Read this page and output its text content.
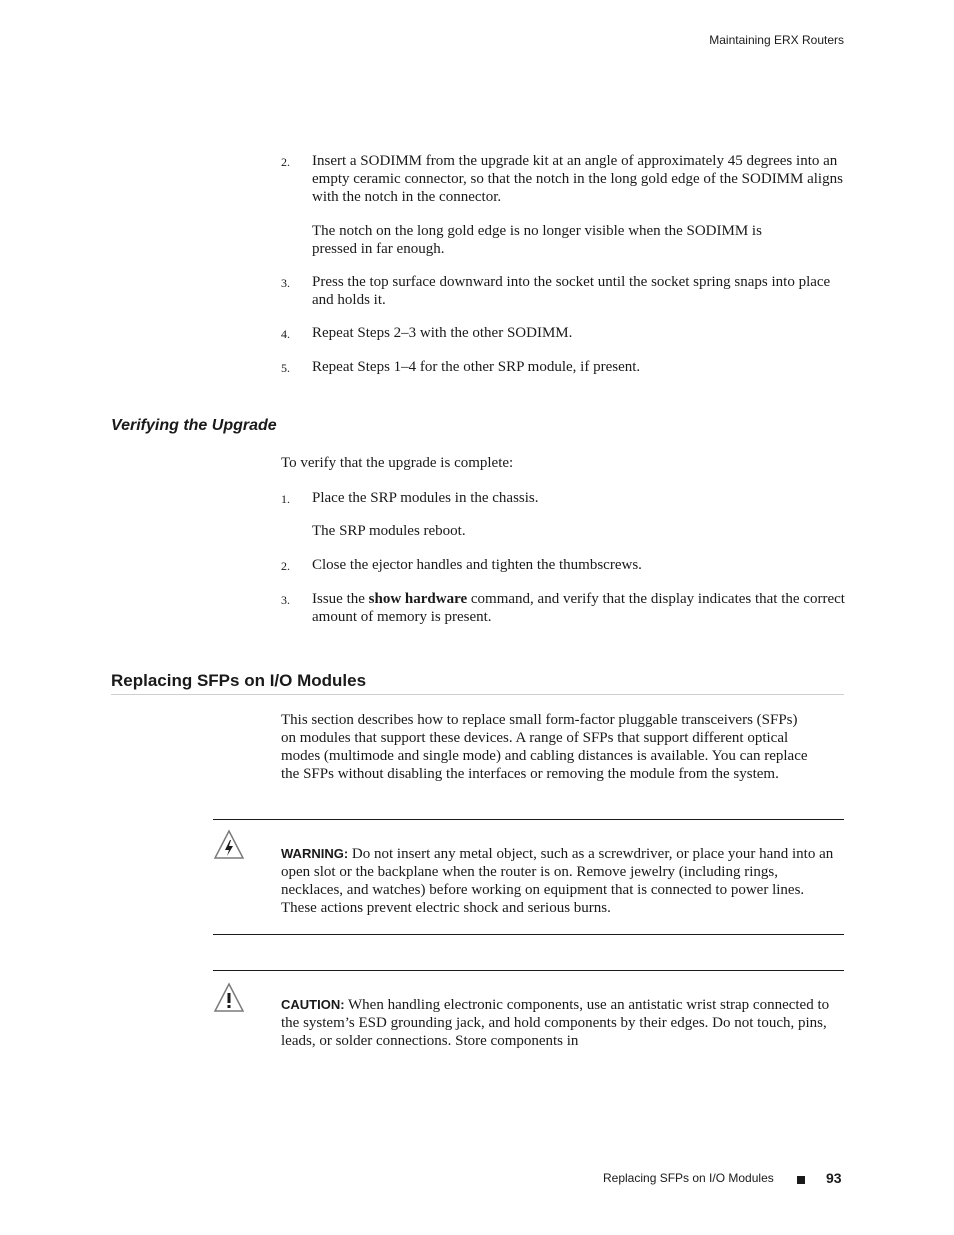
Maintaining ERX Routers
2. Insert a SODIMM from the upgrade kit at an angle of approximately 45 degrees into an empty ceramic connector, so that the notch in the long gold edge of the SODIMM aligns with the notch in the connector.
The notch on the long gold edge is no longer visible when the SODIMM is pressed in far enough.
3. Press the top surface downward into the socket until the socket spring snaps into place and holds it.
4. Repeat Steps 2–3 with the other SODIMM.
5. Repeat Steps 1–4 for the other SRP module, if present.
Verifying the Upgrade
To verify that the upgrade is complete:
1. Place the SRP modules in the chassis.
The SRP modules reboot.
2. Close the ejector handles and tighten the thumbscrews.
3. Issue the show hardware command, and verify that the display indicates that the correct amount of memory is present.
Replacing SFPs on I/O Modules
This section describes how to replace small form-factor pluggable transceivers (SFPs) on modules that support these devices. A range of SFPs that support different optical modes (multimode and single mode) and cabling distances is available. You can replace the SFPs without disabling the interfaces or removing the module from the system.
WARNING: Do not insert any metal object, such as a screwdriver, or place your hand into an open slot or the backplane when the router is on. Remove jewelry (including rings, necklaces, and watches) before working on equipment that is connected to power lines. These actions prevent electric shock and serious burns.
CAUTION: When handling electronic components, use an antistatic wrist strap connected to the system’s ESD grounding jack, and hold components by their edges. Do not touch, pins, leads, or solder connections. Store components in
Replacing SFPs on I/O Modules	93
